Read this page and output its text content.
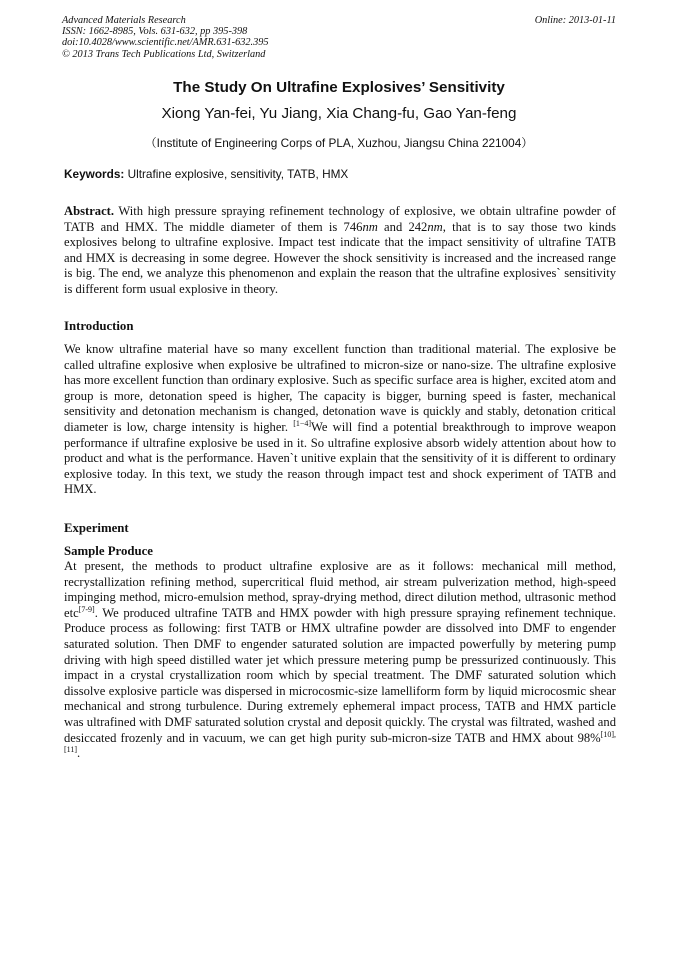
Advanced Materials Research
ISSN: 1662-8985, Vols. 631-632, pp 395-398
doi:10.4028/www.scientific.net/AMR.631-632.395
© 2013 Trans Tech Publications Ltd, Switzerland
Online: 2013-01-11
The Study On Ultrafine Explosives’ Sensitivity
Xiong Yan-fei, Yu Jiang, Xia Chang-fu, Gao Yan-feng
（Institute of Engineering Corps of PLA, Xuzhou, Jiangsu China 221004）
Keywords: Ultrafine explosive, sensitivity, TATB, HMX
Abstract. With high pressure spraying refinement technology of explosive, we obtain ultrafine powder of TATB and HMX. The middle diameter of them is 746nm and 242nm, that is to say those two kinds explosives belong to ultrafine explosive. Impact test indicate that the impact sensitivity of ultrafine TATB and HMX is decreasing in some degree. However the shock sensitivity is increased and the increased range is big. The end, we analyze this phenomenon and explain the reason that the ultrafine explosives` sensitivity is different form usual explosive in theory.
Introduction
We know ultrafine material have so many excellent function than traditional material. The explosive be called ultrafine explosive when explosive be ultrafined to micron-size or nano-size. The ultrafine explosive has more excellent function than ordinary explosive. Such as specific surface area is higher, excited atom and group is more, detonation speed is higher, The capacity is bigger, burning speed is faster, mechanical sensitivity and detonation mechanism is changed, detonation wave is quickly and stably, detonation critical diameter is low, charge intensity is higher. [1−4]We will find a potential breakthrough to improve weapon performance if ultrafine explosive be used in it. So ultrafine explosive absorb widely attention about how to product and what is the performance. Haven`t unitive explain that the sensitivity of it is different to ordinary explosive today. In this text, we study the reason through impact test and shock experiment of TATB and HMX.
Experiment
Sample Produce
At present, the methods to product ultrafine explosive are as it follows: mechanical mill method, recrystallization refining method, supercritical fluid method, air stream pulverization method, high-speed impinging method, micro-emulsion method, spray-drying method, direct dilution method, ultrasonic method etc[7-9]. We produced ultrafine TATB and HMX powder with high pressure spraying refinement technique. Produce process as following: first TATB or HMX ultrafine powder are dissolved into DMF to engender saturated solution. Then DMF to engender saturated solution are impacted powerfully by metering pump driving with high speed distilled water jet which pressure metering pump be pressurized continuously. This impact in a crystal crystallization room which by special treatment. The DMF saturated solution which dissolve explosive particle was dispersed in microcosmic-size lamelliform form by liquid microcosmic shear mechanical and strong turbulence. During extremely ephemeral impact process, TATB and HMX particle was ultrafined with DMF saturated solution crystal and deposit quickly. The crystal was filtrated, washed and desiccated frozenly and in vacuum, we can get high purity sub-micron-size TATB and HMX about 98%[10], [11].
